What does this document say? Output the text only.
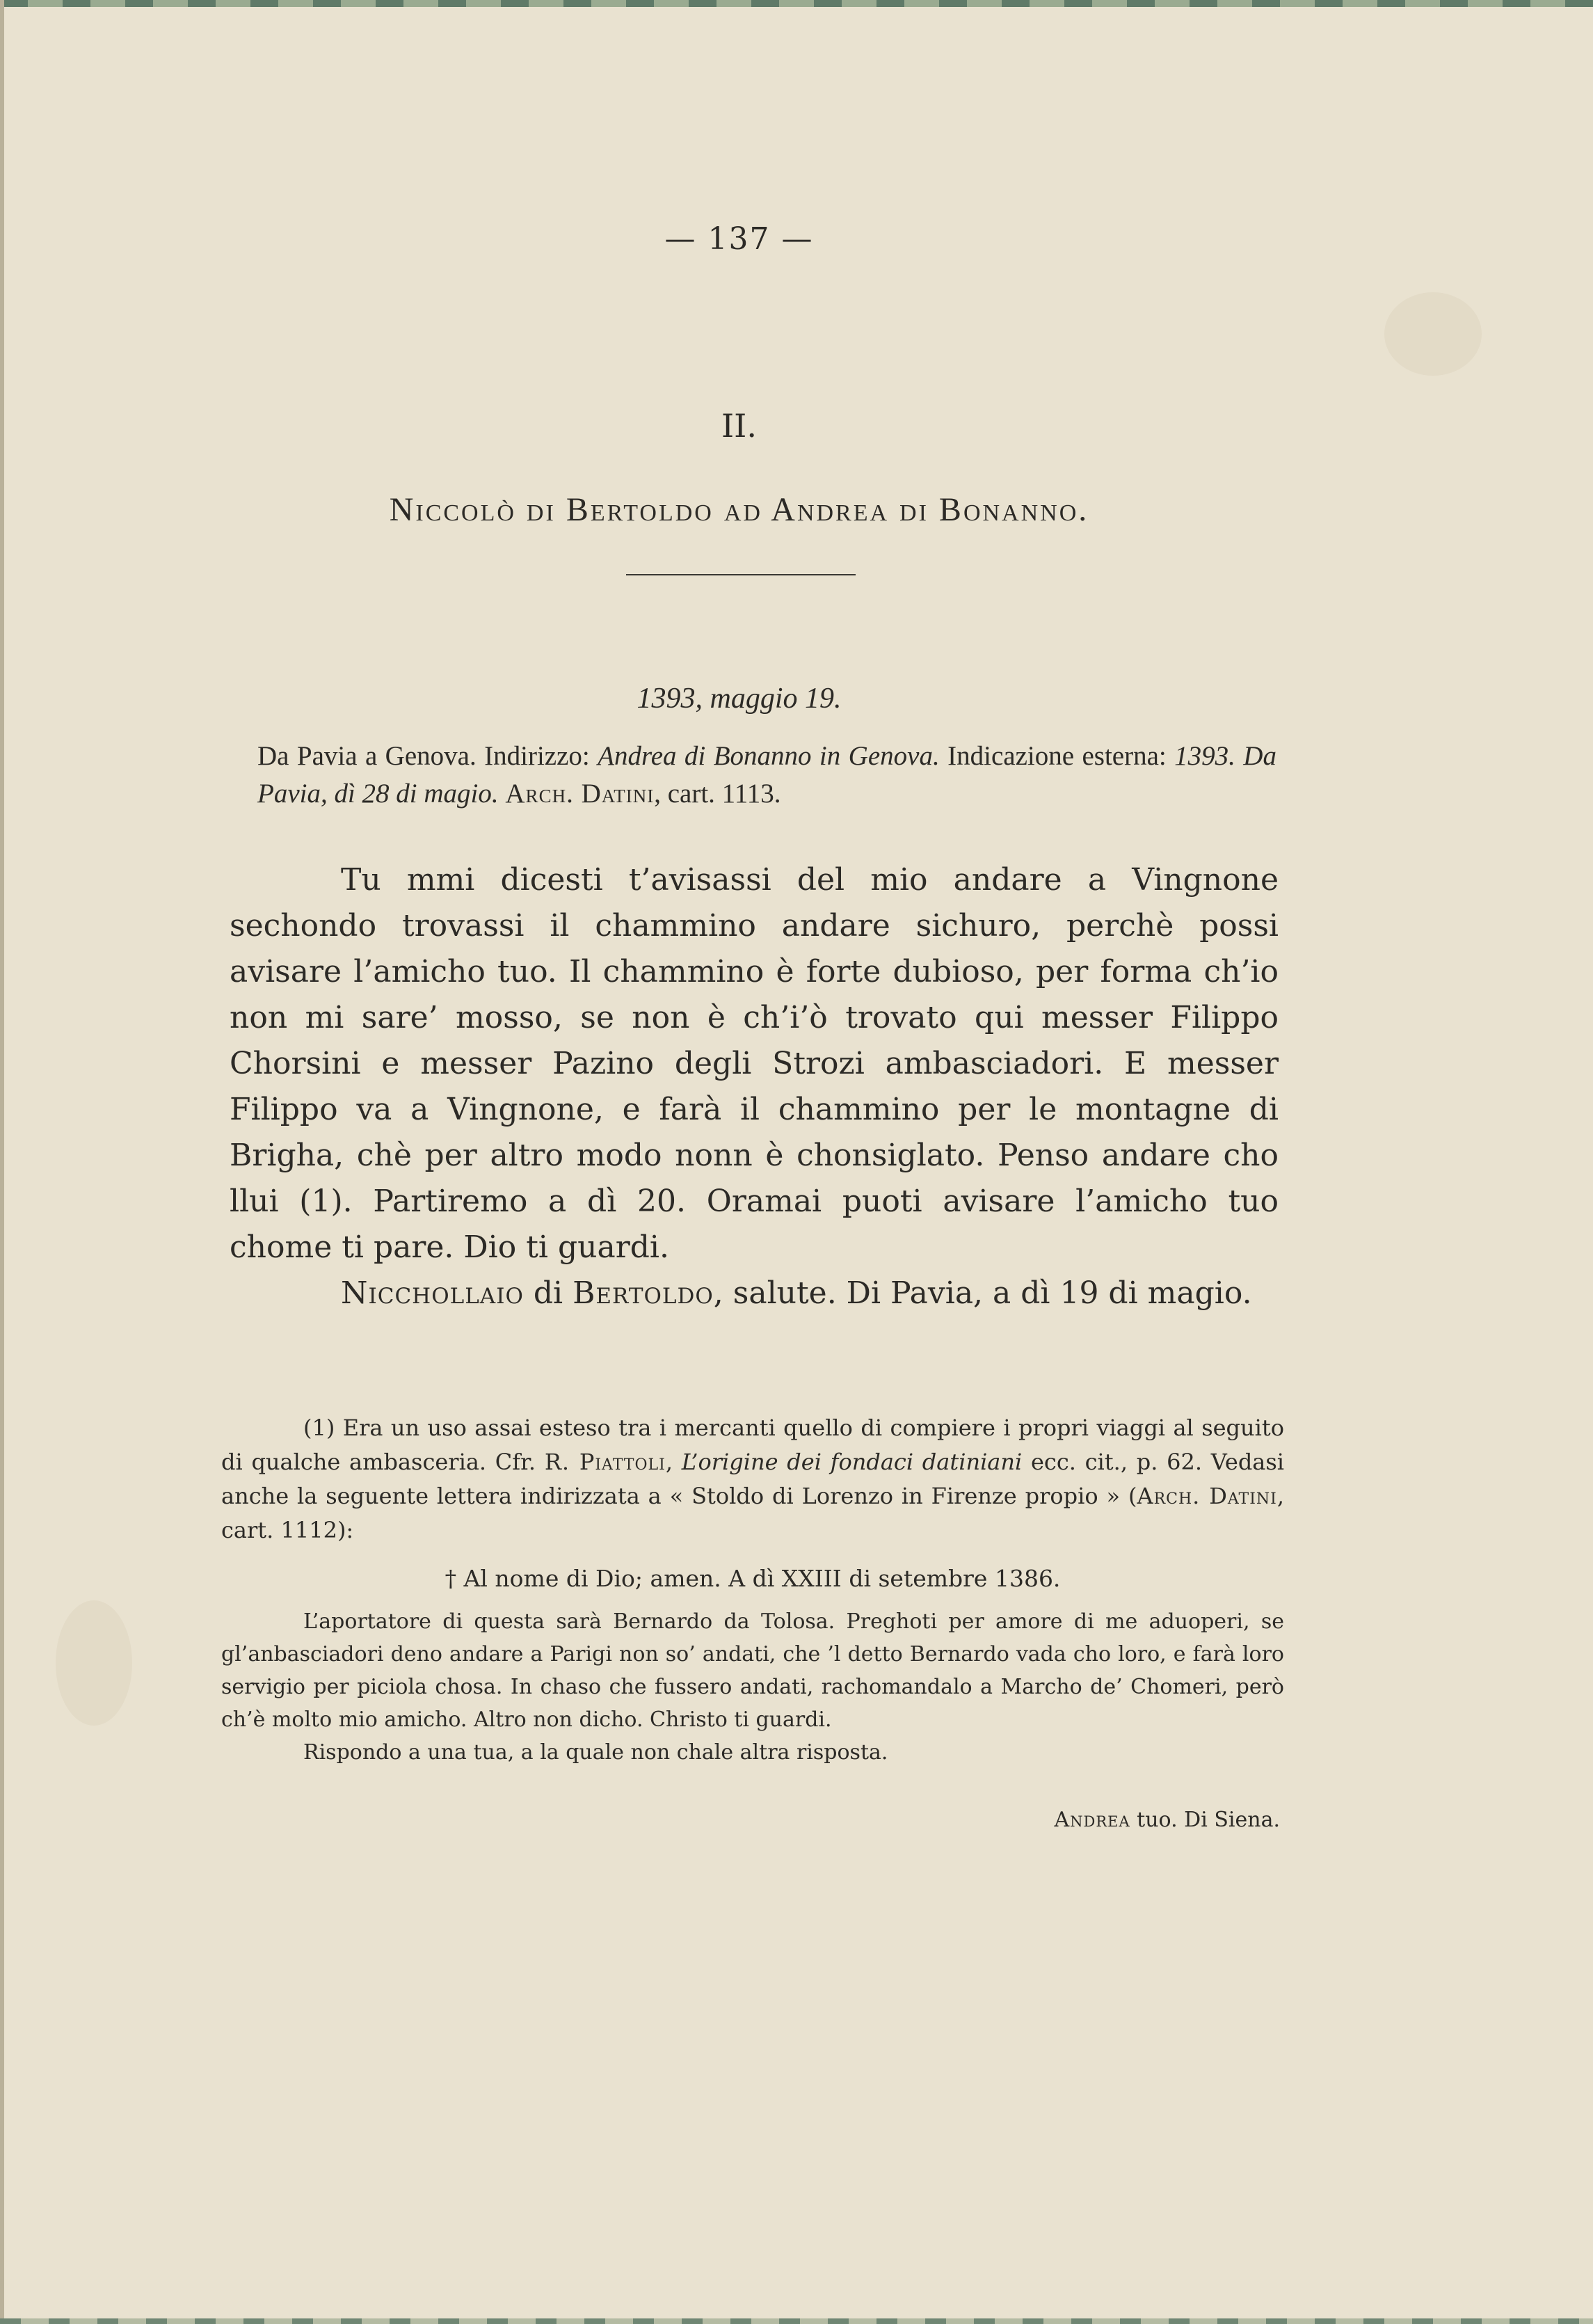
— 137 —
II.
Niccolò di Bertoldo ad Andrea di Bonanno.
1393, maggio 19.
Da Pavia a Genova. Indirizzo: Andrea di Bonanno in Genova. Indicazione esterna: 1393. Da Pavia, dì 28 di magio. Arch. Datini, cart. 1113.

Tu mmi dicesti t’avisassi del mio andare a Vingnone sechondo trovassi il chammino andare sichuro, perchè possi avisare l’amicho tuo. Il chammino è forte dubioso, per forma ch’io non mi sare’ mosso, se non è ch’i’ò trovato qui messer Filippo Chorsini e messer Pazino degli Strozi ambasciadori. E messer Filippo va a Vingnone, e farà il chammino per le montagne di Brigha, chè per altro modo nonn è chonsiglato. Penso andare cho llui (1). Partiremo a dì 20. Oramai puoti avisare l’amicho tuo chome ti pare. Dio ti guardi.

Nicchollaio di Bertoldo, salute. Di Pavia, a dì 19 di magio.

(1) Era un uso assai esteso tra i mercanti quello di compiere i propri viaggi al seguito di qualche ambasceria. Cfr. R. Piattoli, L’origine dei fondaci datiniani ecc. cit., p. 62. Vedasi anche la seguente lettera indirizzata a « Stoldo di Lorenzo in Firenze propio » (Arch. Datini, cart. 1112):

† Al nome di Dio; amen. A dì XXIII di setembre 1386.

L’aportatore di questa sarà Bernardo da Tolosa. Preghoti per amore di me aduoperi, se gl’anbasciadori deno andare a Parigi non so’ andati, che ’l detto Bernardo vada cho loro, e farà loro servigio per piciola chosa. In chaso che fussero andati, rachomandalo a Marcho de’ Chomeri, però ch’è molto mio amicho. Altro non dicho. Christo ti guardi.

Rispondo a una tua, a la quale non chale altra risposta.

Andrea tuo. Di Siena.
